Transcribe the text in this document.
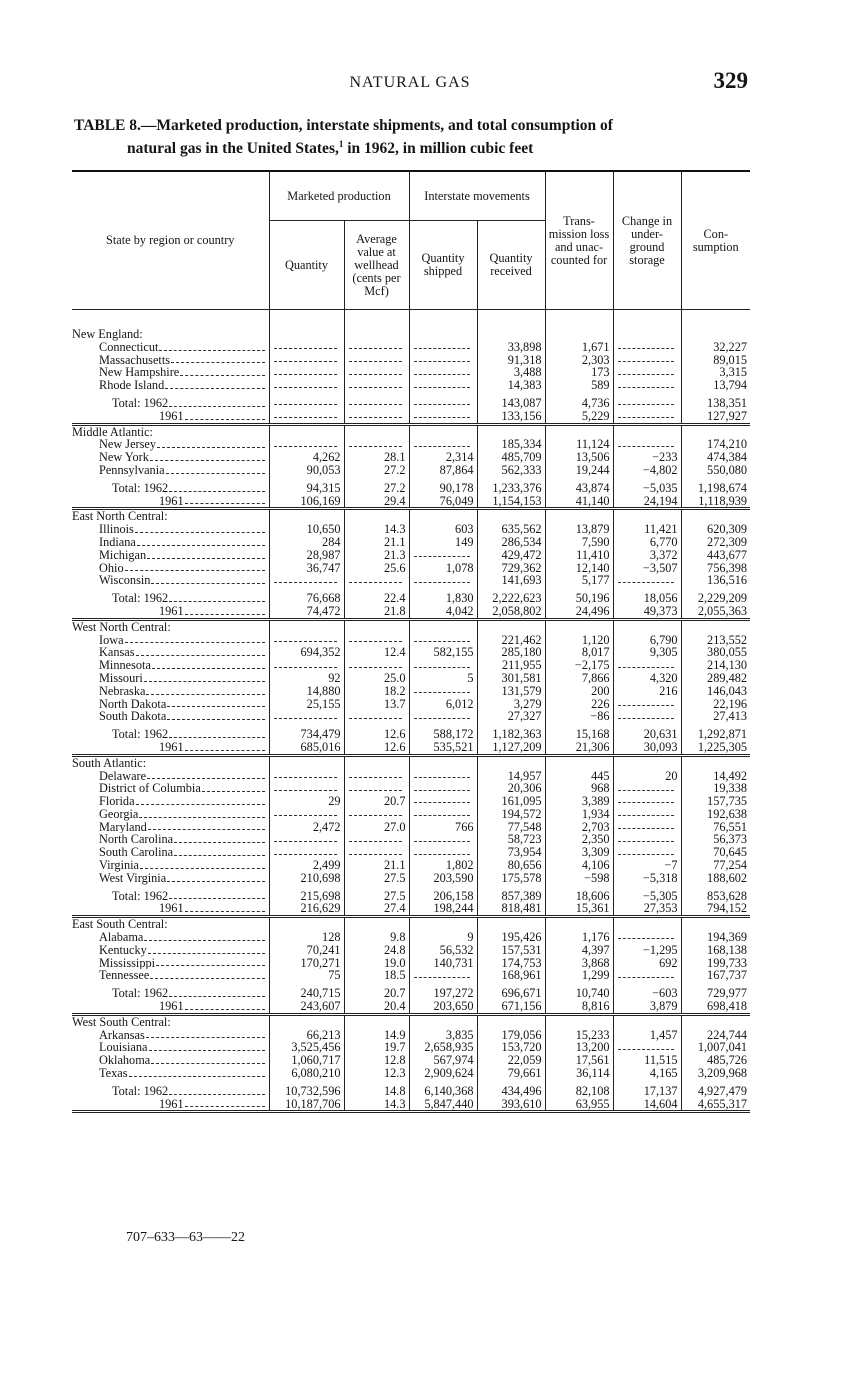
NATURAL GAS	329
TABLE 8.—Marketed production, interstate shipments, and total consumption of
natural gas in the United States,$^1$ in 1962, in million cubic feet
State by region or country	Marketed production		Interstate movements		Trans- mission loss and unac- counted for	Change in under- ground storage	Con- sumption
	Quantity	Average value at wellhead (cents per Mcf)	Quantity shipped	Quantity received			

New England:							

Connecticut				33,898	1,671		32,227

Massachusetts				91,318	2,303		89,015

New Hampshire				3,488	173		3,315

Rhode Island				14,383	589		13,794

Total: 1962				143,087	4,736		138,351

1961				133,156	5,229		127,927
Middle Atlantic:							

New Jersey				185,334	11,124		174,210

New York	4,262	28.1	2,314	485,709	13,506	−233	474,384

Pennsylvania	90,053	27.2	87,864	562,333	19,244	−4,802	550,080

Total: 1962	94,315	27.2	90,178	1,233,376	43,874	−5,035	1,198,674

1961	106,169	29.4	76,049	1,154,153	41,140	24,194	1,118,939
East North Central:							

Illinois	10,650	14.3	603	635,562	13,879	11,421	620,309

Indiana	284	21.1	149	286,534	7,590	6,770	272,309

Michigan	28,987	21.3		429,472	11,410	3,372	443,677

Ohio	36,747	25.6	1,078	729,362	12,140	−3,507	756,398

Wisconsin				141,693	5,177		136,516

Total: 1962	76,668	22.4	1,830	2,222,623	50,196	18,056	2,229,209

1961	74,472	21.8	4,042	2,058,802	24,496	49,373	2,055,363
West North Central:							

Iowa				221,462	1,120	6,790	213,552

Kansas	694,352	12.4	582,155	285,180	8,017	9,305	380,055

Minnesota				211,955	−2,175		214,130

Missouri	92	25.0	5	301,581	7,866	4,320	289,482

Nebraska	14,880	18.2		131,579	200	216	146,043

North Dakota	25,155	13.7	6,012	3,279	226		22,196

South Dakota				27,327	−86		27,413

Total: 1962	734,479	12.6	588,172	1,182,363	15,168	20,631	1,292,871

1961	685,016	12.6	535,521	1,127,209	21,306	30,093	1,225,305
South Atlantic:							

Delaware				14,957	445	20	14,492

District of Columbia				20,306	968		19,338

Florida	29	20.7		161,095	3,389		157,735

Georgia				194,572	1,934		192,638

Maryland	2,472	27.0	766	77,548	2,703		76,551

North Carolina				58,723	2,350		56,373

South Carolina				73,954	3,309		70,645

Virginia	2,499	21.1	1,802	80,656	4,106	−7	77,254

West Virginia	210,698	27.5	203,590	175,578	−598	−5,318	188,602

Total: 1962	215,698	27.5	206,158	857,389	18,606	−5,305	853,628

1961	216,629	27.4	198,244	818,481	15,361	27,353	794,152
East South Central:							

Alabama	128	9.8	9	195,426	1,176		194,369

Kentucky	70,241	24.8	56,532	157,531	4,397	−1,295	168,138

Mississippi	170,271	19.0	140,731	174,753	3,868	692	199,733

Tennessee	75	18.5		168,961	1,299		167,737

Total: 1962	240,715	20.7	197,272	696,671	10,740	−603	729,977

1961	243,607	20.4	203,650	671,156	8,816	3,879	698,418
West South Central:							

Arkansas	66,213	14.9	3,835	179,056	15,233	1,457	224,744

Louisiana	3,525,456	19.7	2,658,935	153,720	13,200		1,007,041

Oklahoma	1,060,717	12.8	567,974	22,059	17,561	11,515	485,726

Texas	6,080,210	12.3	2,909,624	79,661	36,114	4,165	3,209,968

Total: 1962	10,732,596	14.8	6,140,368	434,496	82,108	17,137	4,927,479

1961	10,187,706	14.3	5,847,440	393,610	63,955	14,604	4,655,317
707–633—63——22
